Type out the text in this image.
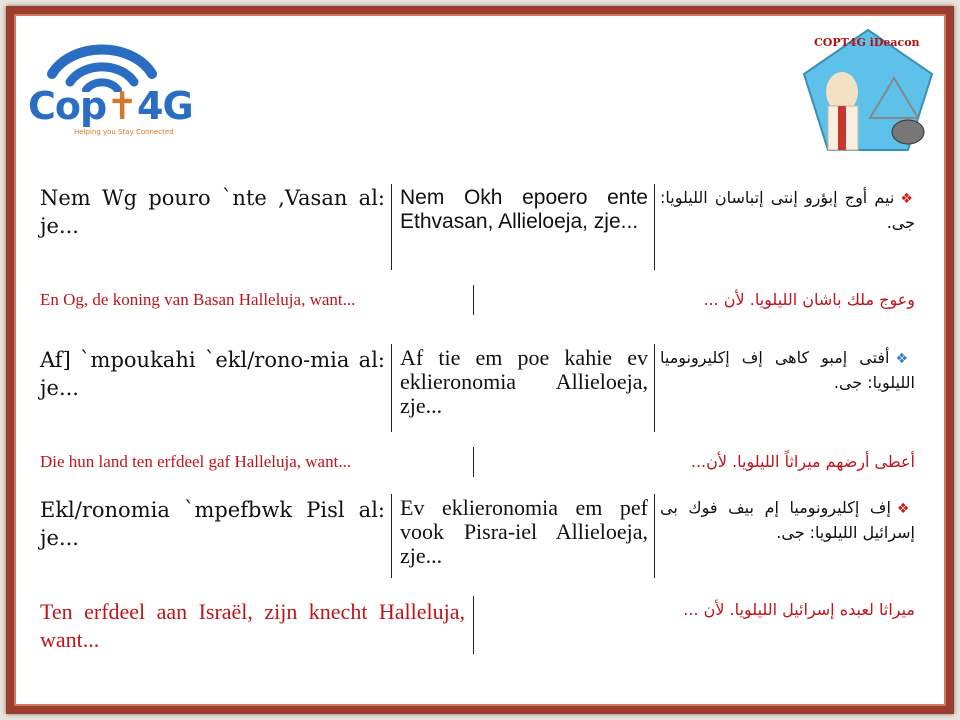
Cop✝4G
Helping you Stay Connected
COPT4G iDeacon
Nem Wg pouro `nte ,Vasan al: je...
Nem Okh epoero ente Ethvasan, Allieloeja, zje...
❖نيم أوج إبؤرو إنتى إتباسان الليلويا: جى.
En Og, de koning van Basan Halleluja, want...	وعوج ملك باشان الليلويا. لأن ...
Af] `mpoukahi `ekl/rono-mia al: je...
Af tie em poe kahie ev eklieronomia Allieloeja, zje...
❖أفتى إمبو كاهى إف إكليرونوميا الليلويا: جى.
Die hun land ten erfdeel gaf Halleluja, want...	أعطى أرضهم ميراثاً الليلويا. لأن...
Ekl/ronomia `mpefbwk Pisl al: je...
Ev eklieronomia em pef vook Pisra-iel Allieloeja, zje...
❖إف إكليرونوميا إم بيف فوك بى إسرائيل الليلويا: جى.
Ten erfdeel aan Israël, zijn knecht Halleluja, want...
ميراثا لعبده إسرائيل الليلويا. لأن ...
